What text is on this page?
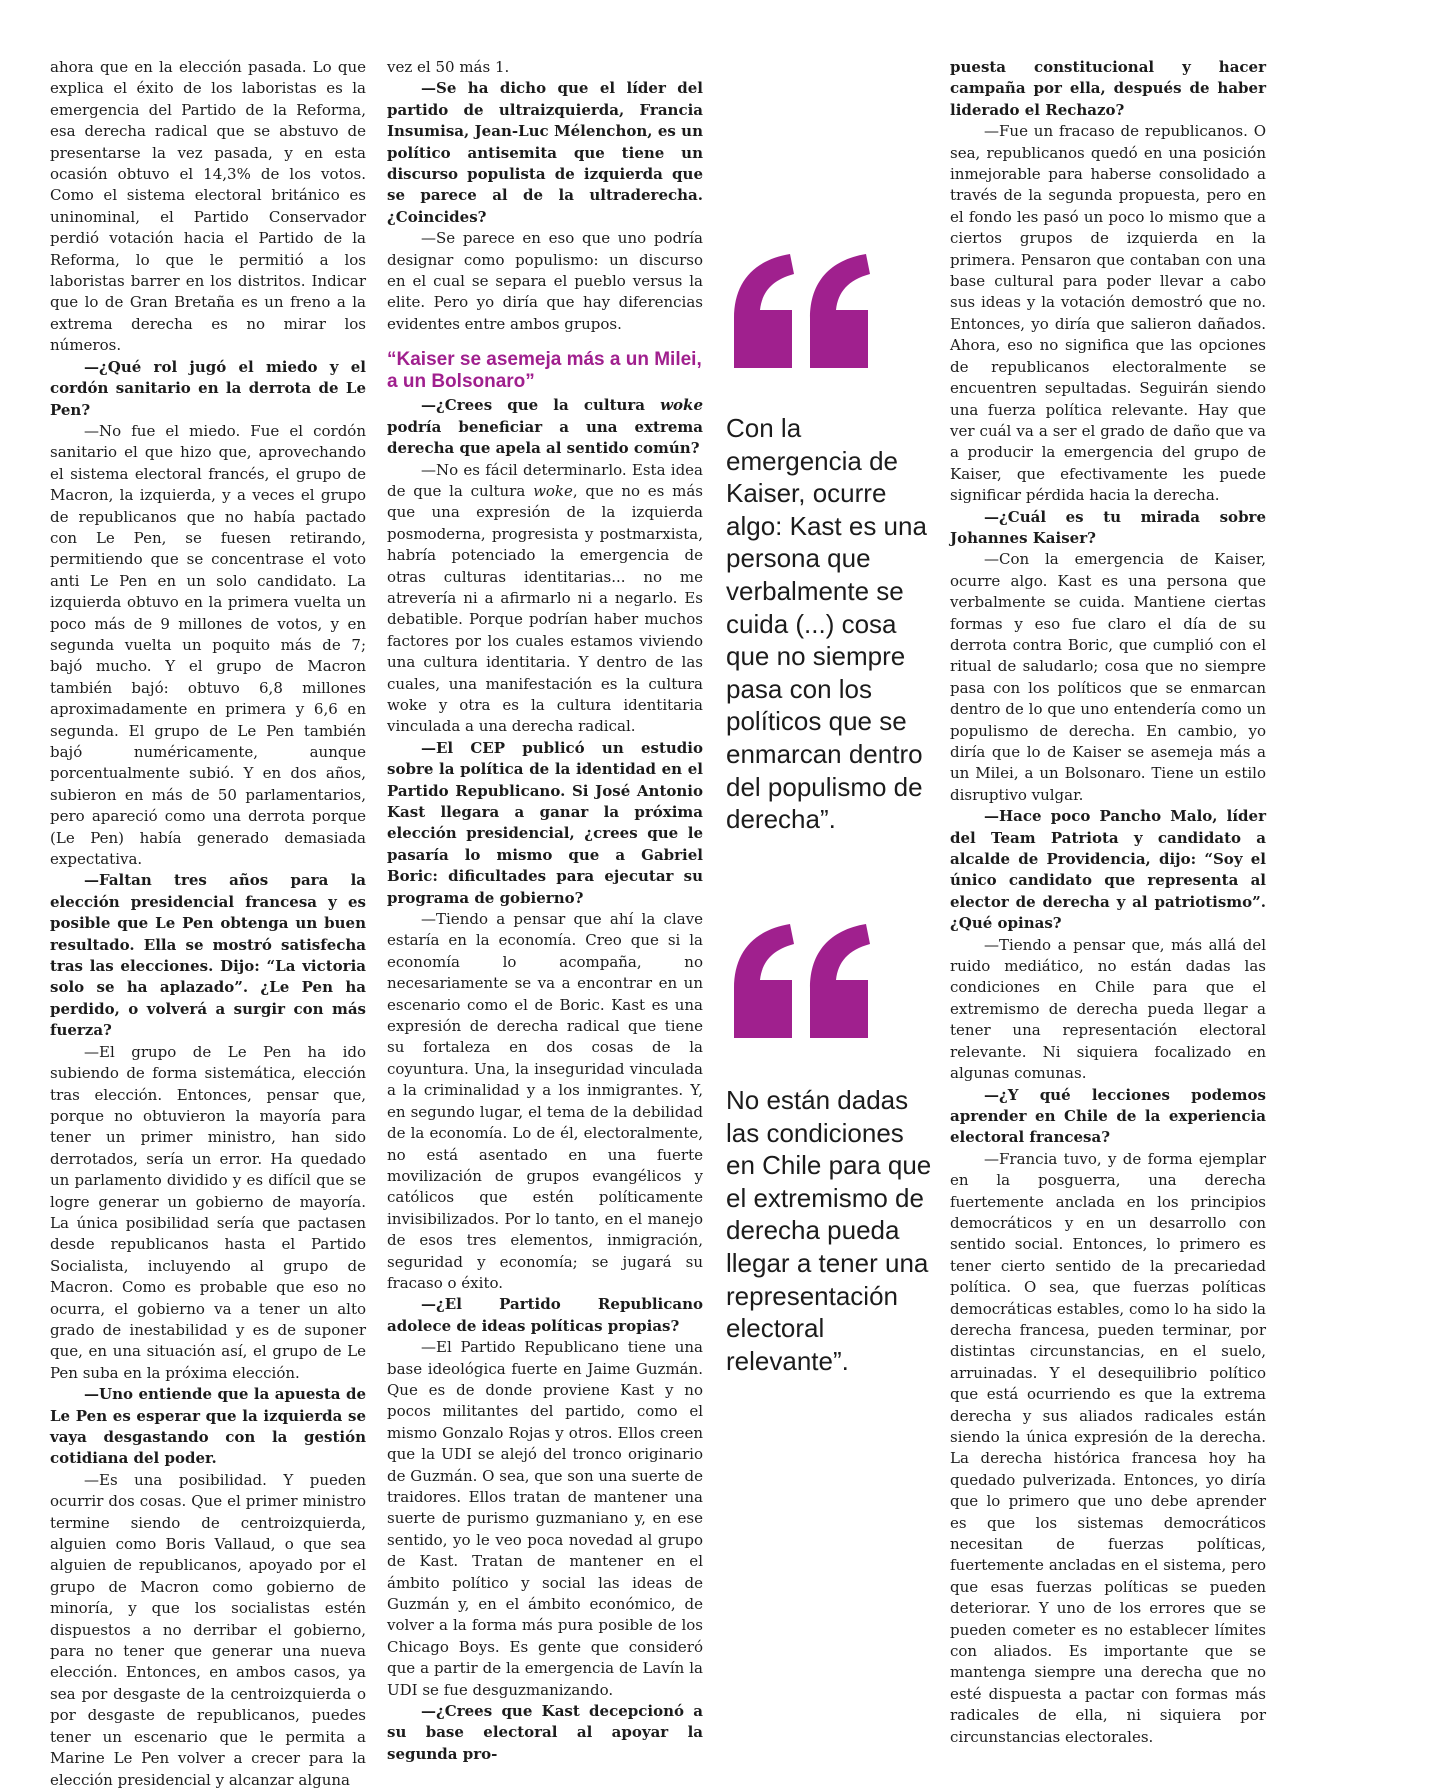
ahora que en la elección pasada. Lo que explica el éxito de los laboristas es la emergencia del Partido de la Reforma, esa derecha radical que se abstuvo de presentarse la vez pasada, y en esta ocasión obtuvo el 14,3% de los votos. Como el sistema electoral británico es uninominal, el Partido Conservador perdió votación hacia el Partido de la Reforma, lo que le permitió a los laboristas barrer en los distritos. Indicar que lo de Gran Bretaña es un freno a la extrema derecha es no mirar los números.

—¿Qué rol jugó el miedo y el cordón sanitario en la derrota de Le Pen?

—No fue el miedo. Fue el cordón sanitario el que hizo que, aprovechando el sistema electoral francés, el grupo de Macron, la izquierda, y a veces el grupo de republicanos que no había pactado con Le Pen, se fuesen retirando, permitiendo que se concentrase el voto anti Le Pen en un solo candidato. La izquierda obtuvo en la primera vuelta un poco más de 9 millones de votos, y en segunda vuelta un poquito más de 7; bajó mucho. Y el grupo de Macron también bajó: obtuvo 6,8 millones aproximadamente en primera y 6,6 en segunda. El grupo de Le Pen también bajó numéricamente, aunque porcentualmente subió. Y en dos años, subieron en más de 50 parlamentarios, pero apareció como una derrota porque (Le Pen) había generado demasiada expectativa.

—Faltan tres años para la elección presidencial francesa y es posible que Le Pen obtenga un buen resultado. Ella se mostró satisfecha tras las elecciones. Dijo: “La victoria solo se ha aplazado”. ¿Le Pen ha perdido, o volverá a surgir con más fuerza?

—El grupo de Le Pen ha ido subiendo de forma sistemática, elección tras elección. Entonces, pensar que, porque no obtuvieron la mayoría para tener un primer ministro, han sido derrotados, sería un error. Ha quedado un parlamento dividido y es difícil que se logre generar un gobierno de mayoría. La única posibilidad sería que pactasen desde republicanos hasta el Partido Socialista, incluyendo al grupo de Macron. Como es probable que eso no ocurra, el gobierno va a tener un alto grado de inestabilidad y es de suponer que, en una situación así, el grupo de Le Pen suba en la próxima elección.

—Uno entiende que la apuesta de Le Pen es esperar que la izquierda se vaya desgastando con la gestión cotidiana del poder.

—Es una posibilidad. Y pueden ocurrir dos cosas. Que el primer ministro termine siendo de centroizquierda, alguien como Boris Vallaud, o que sea alguien de republicanos, apoyado por el grupo de Macron como gobierno de minoría, y que los socialistas estén dispuestos a no derribar el gobierno, para no tener que generar una nueva elección. Entonces, en ambos casos, ya sea por desgaste de la centroizquierda o por desgaste de republicanos, puedes tener un escenario que le permita a Marine Le Pen volver a crecer para la elección presidencial y alcanzar alguna

vez el 50 más 1.

—Se ha dicho que el líder del partido de ultraizquierda, Francia Insumisa, Jean-Luc Mélenchon, es un político antisemita que tiene un discurso populista de izquierda que se parece al de la ultraderecha. ¿Coincides?

—Se parece en eso que uno podría designar como populismo: un discurso en el cual se separa el pueblo versus la elite. Pero yo diría que hay diferencias evidentes entre ambos grupos.

“Kaiser se asemeja más a un Milei, a un Bolsonaro”

—¿Crees que la cultura woke podría beneficiar a una extrema derecha que apela al sentido común?

—No es fácil determinarlo. Esta idea de que la cultura woke, que no es más que una expresión de la izquierda posmoderna, progresista y postmarxista, habría potenciado la emergencia de otras culturas identitarias... no me atrevería ni a afirmarlo ni a negarlo. Es debatible. Porque podrían haber muchos factores por los cuales estamos viviendo una cultura identitaria. Y dentro de las cuales, una manifestación es la cultura woke y otra es la cultura identitaria vinculada a una derecha radical.

—El CEP publicó un estudio sobre la política de la identidad en el Partido Republicano. Si José Antonio Kast llegara a ganar la próxima elección presidencial, ¿crees que le pasaría lo mismo que a Gabriel Boric: dificultades para ejecutar su programa de gobierno?

—Tiendo a pensar que ahí la clave estaría en la economía. Creo que si la economía lo acompaña, no necesariamente se va a encontrar en un escenario como el de Boric. Kast es una expresión de derecha radical que tiene su fortaleza en dos cosas de la coyuntura. Una, la inseguridad vinculada a la criminalidad y a los inmigrantes. Y, en segundo lugar, el tema de la debilidad de la economía. Lo de él, electoralmente, no está asentado en una fuerte movilización de grupos evangélicos y católicos que estén políticamente invisibilizados. Por lo tanto, en el manejo de esos tres elementos, inmigración, seguridad y economía; se jugará su fracaso o éxito.

—¿El Partido Republicano adolece de ideas políticas propias?

—El Partido Republicano tiene una base ideológica fuerte en Jaime Guzmán. Que es de donde proviene Kast y no pocos militantes del partido, como el mismo Gonzalo Rojas y otros. Ellos creen que la UDI se alejó del tronco originario de Guzmán. O sea, que son una suerte de traidores. Ellos tratan de mantener una suerte de purismo guzmaniano y, en ese sentido, yo le veo poca novedad al grupo de Kast. Tratan de mantener en el ámbito político y social las ideas de Guzmán y, en el ámbito económico, de volver a la forma más pura posible de los Chicago Boys. Es gente que consideró que a partir de la emergencia de Lavín la UDI se fue desguzmanizando.

—¿Crees que Kast decepcionó a su base electoral al apoyar la segunda pro-

Con la emergencia de Kaiser, ocurre algo: Kast es una persona que verbalmente se cuida (...) cosa que no siempre pasa con los políticos que se enmarcan dentro del populismo de derecha”.
No están dadas las condiciones en Chile para que el extremismo de derecha pueda llegar a tener una representación electoral relevante”.

puesta constitucional y hacer campaña por ella, después de haber liderado el Rechazo?

—Fue un fracaso de republicanos. O sea, republicanos quedó en una posición inmejorable para haberse consolidado a través de la segunda propuesta, pero en el fondo les pasó un poco lo mismo que a ciertos grupos de izquierda en la primera. Pensaron que contaban con una base cultural para poder llevar a cabo sus ideas y la votación demostró que no. Entonces, yo diría que salieron dañados. Ahora, eso no significa que las opciones de republicanos electoralmente se encuentren sepultadas. Seguirán siendo una fuerza política relevante. Hay que ver cuál va a ser el grado de daño que va a producir la emergencia del grupo de Kaiser, que efectivamente les puede significar pérdida hacia la derecha.

—¿Cuál es tu mirada sobre Johannes Kaiser?

—Con la emergencia de Kaiser, ocurre algo. Kast es una persona que verbalmente se cuida. Mantiene ciertas formas y eso fue claro el día de su derrota contra Boric, que cumplió con el ritual de saludarlo; cosa que no siempre pasa con los políticos que se enmarcan dentro de lo que uno entendería como un populismo de derecha. En cambio, yo diría que lo de Kaiser se asemeja más a un Milei, a un Bolsonaro. Tiene un estilo disruptivo vulgar.

—Hace poco Pancho Malo, líder del Team Patriota y candidato a alcalde de Providencia, dijo: “Soy el único candidato que representa al elector de derecha y al patriotismo”. ¿Qué opinas?

—Tiendo a pensar que, más allá del ruido mediático, no están dadas las condiciones en Chile para que el extremismo de derecha pueda llegar a tener una representación electoral relevante. Ni siquiera focalizado en algunas comunas.

—¿Y qué lecciones podemos aprender en Chile de la experiencia electoral francesa?

—Francia tuvo, y de forma ejemplar en la posguerra, una derecha fuertemente anclada en los principios democráticos y en un desarrollo con sentido social. Entonces, lo primero es tener cierto sentido de la precariedad política. O sea, que fuerzas políticas democráticas estables, como lo ha sido la derecha francesa, pueden terminar, por distintas circunstancias, en el suelo, arruinadas. Y el desequilibrio político que está ocurriendo es que la extrema derecha y sus aliados radicales están siendo la única expresión de la derecha. La derecha histórica francesa hoy ha quedado pulverizada. Entonces, yo diría que lo primero que uno debe aprender es que los sistemas democráticos necesitan de fuerzas políticas, fuertemente ancladas en el sistema, pero que esas fuerzas políticas se pueden deteriorar. Y uno de los errores que se pueden cometer es no establecer límites con aliados. Es importante que se mantenga siempre una derecha que no esté dispuesta a pactar con formas más radicales de ella, ni siquiera por circunstancias electorales.
